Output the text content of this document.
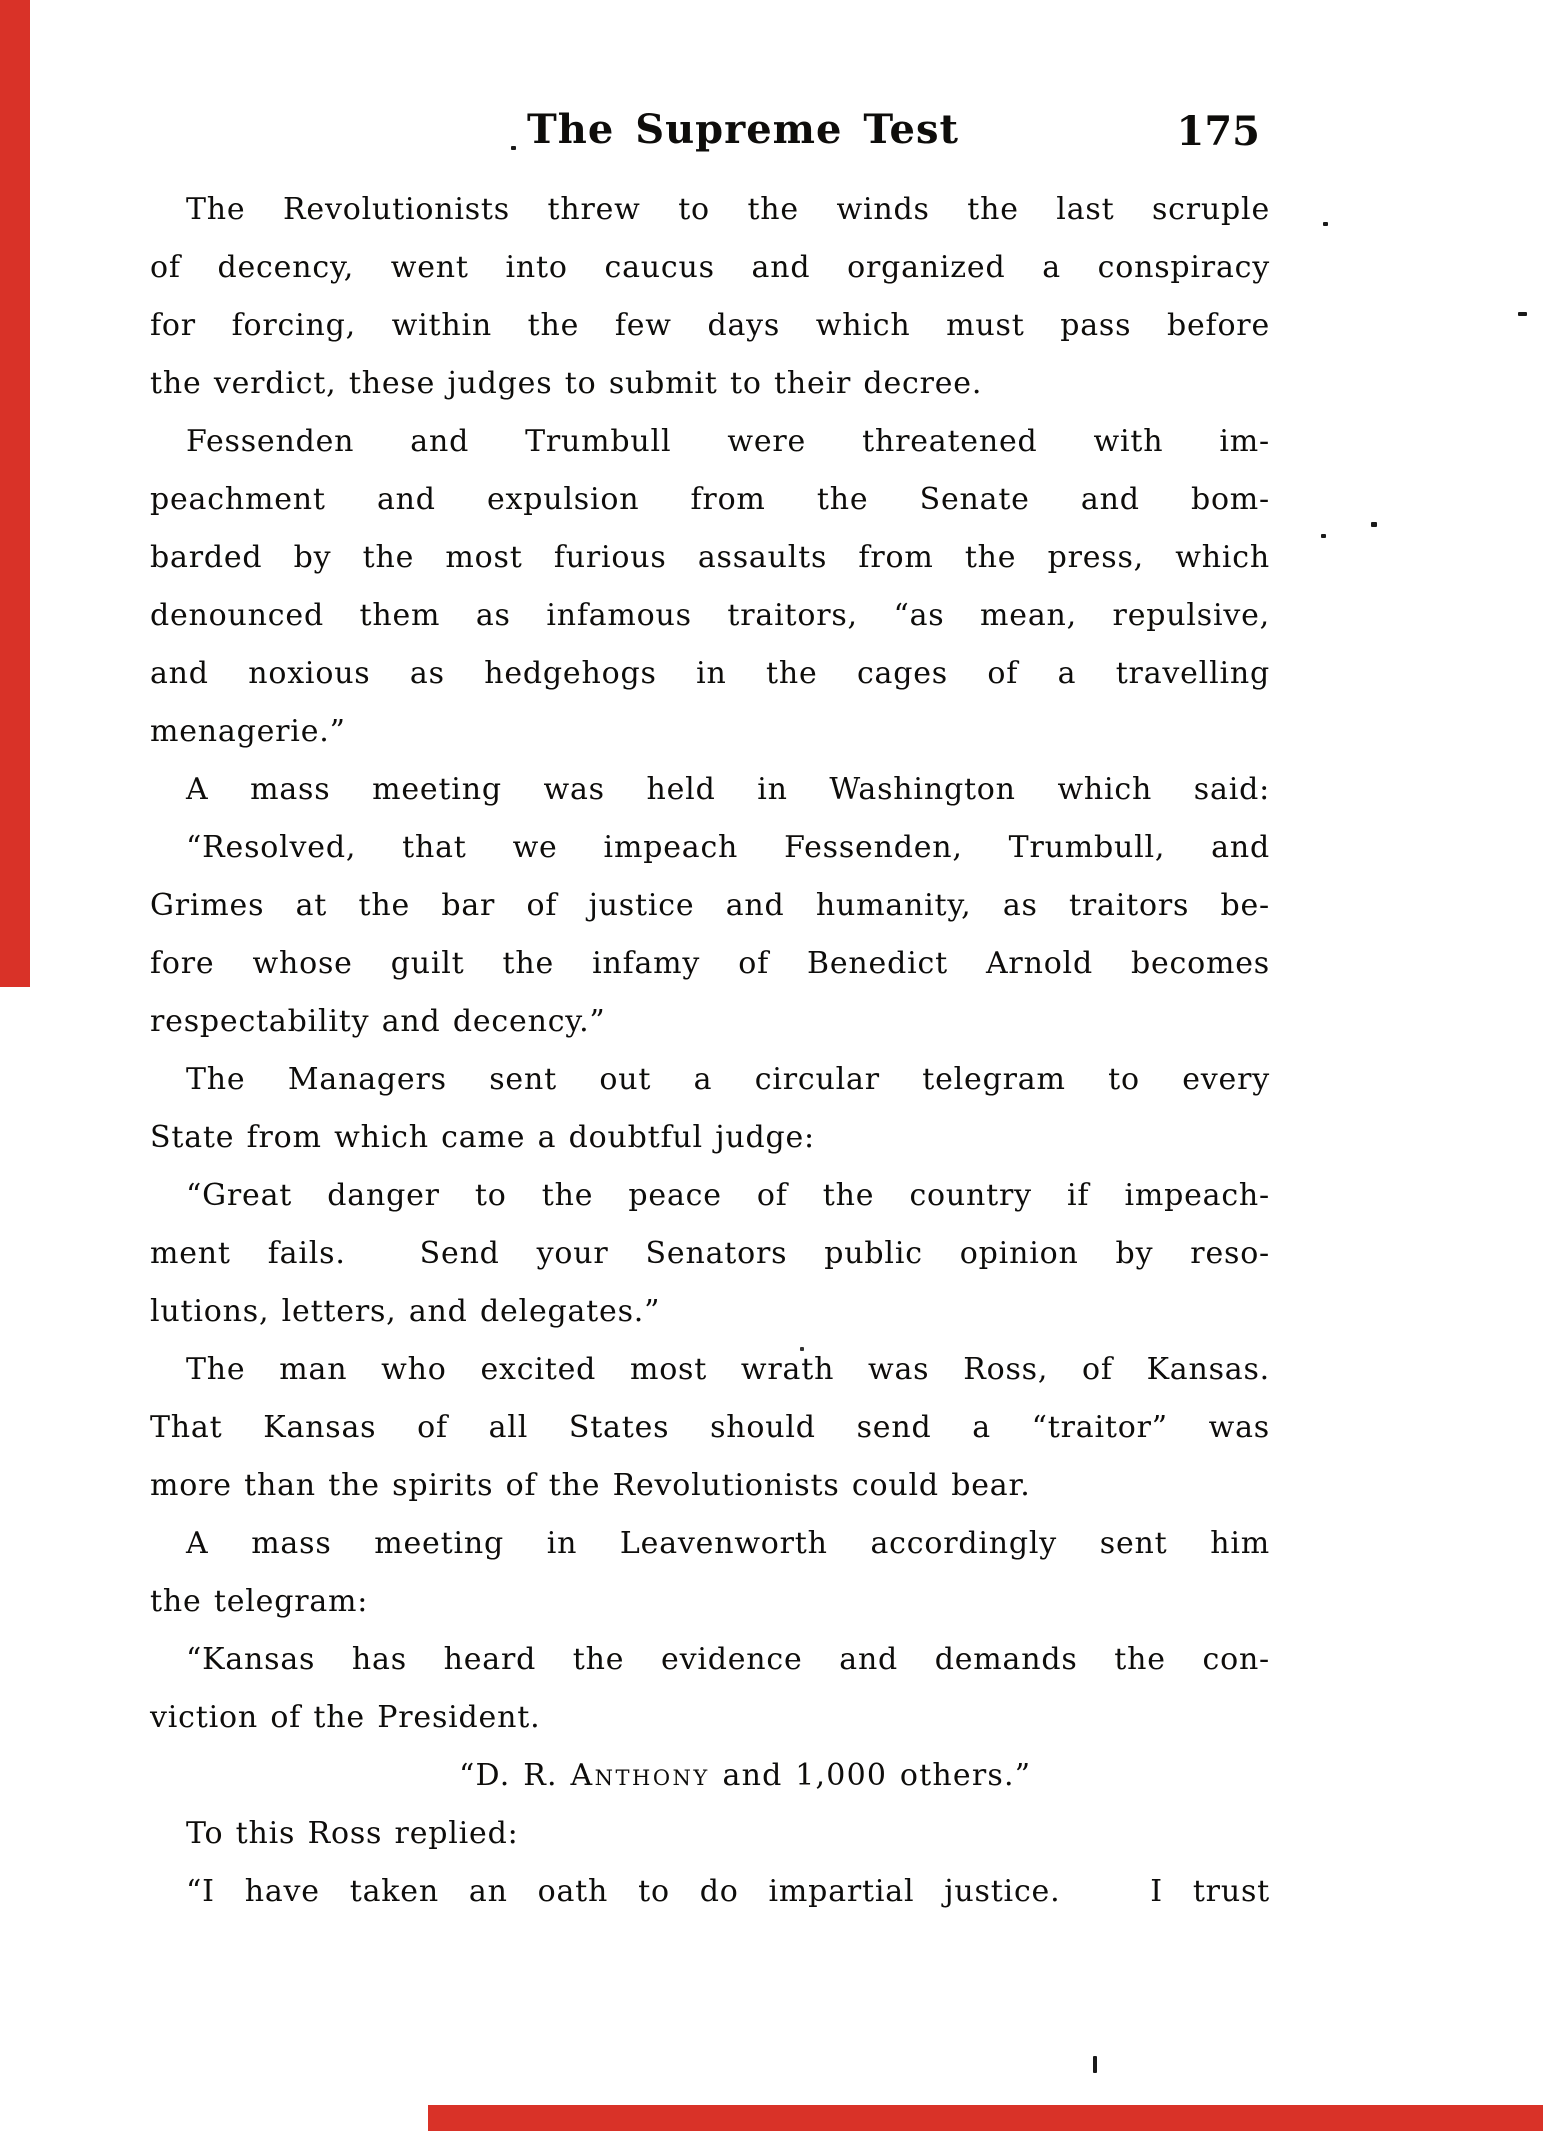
The Supreme Test	175
The Revolutionists threw to the winds the last scruple
of decency, went into caucus and organized a conspiracy
for forcing, within the few days which must pass before
the verdict, these judges to submit to their decree.
Fessenden and Trumbull were threatened with im-
peachment and expulsion from the Senate and bom-
barded by the most furious assaults from the press, which
denounced them as infamous traitors, “as mean, repulsive,
and noxious as hedgehogs in the cages of a travelling
menagerie.”
A mass meeting was held in Washington which said:
“Resolved, that we impeach Fessenden, Trumbull, and
Grimes at the bar of justice and humanity, as traitors be-
fore whose guilt the infamy of Benedict Arnold becomes
respectability and decency.”
The Managers sent out a circular telegram to every
State from which came a doubtful judge:
“Great danger to the peace of the country if impeach-
ment fails.  Send your Senators public opinion by reso-
lutions, letters, and delegates.”
The man who excited most wrath was Ross, of Kansas.
That Kansas of all States should send a “traitor” was
more than the spirits of the Revolutionists could bear.
A mass meeting in Leavenworth accordingly sent him
the telegram:
“Kansas has heard the evidence and demands the con-
viction of the President.
“D. R. Anthony and 1,000 others.”
To this Ross replied:
“I have taken an oath to do impartial justice.   I trust
